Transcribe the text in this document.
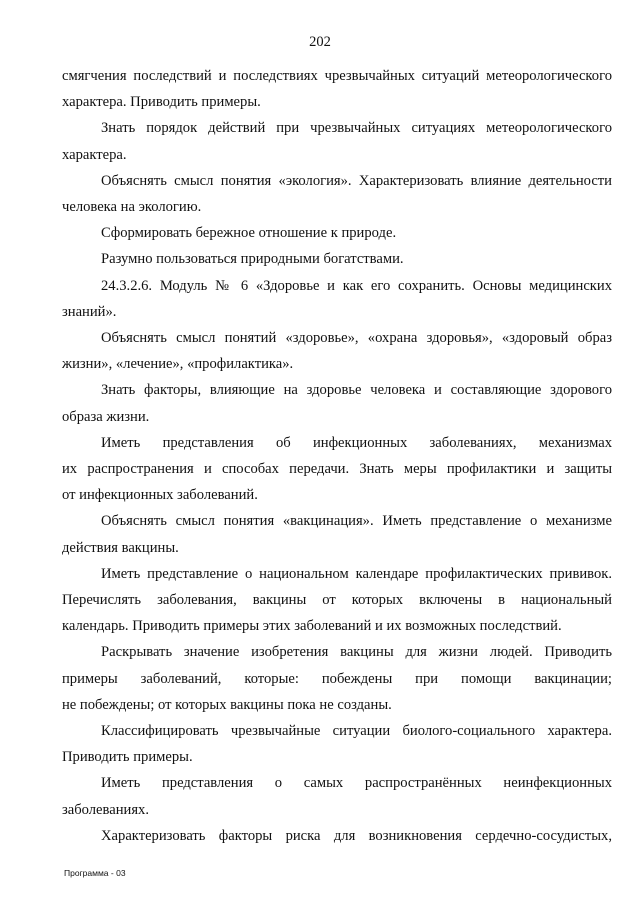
202

смягчения последствий и последствиях чрезвычайных ситуаций метеорологического
характера. Приводить примеры.

Знать порядок действий при чрезвычайных ситуациях метеорологического
характера.

Объяснять смысл понятия «экология». Характеризовать влияние деятельности
человека на экологию.

Сформировать бережное отношение к природе.

Разумно пользоваться природными богатствами.

24.3.2.6. Модуль № 6 «Здоровье и как его сохранить. Основы медицинских
знаний».

Объяснять смысл понятий «здоровье», «охрана здоровья», «здоровый образ
жизни», «лечение», «профилактика».

Знать факторы, влияющие на здоровье человека и составляющие здорового
образа жизни.

Иметь представления об инфекционных заболеваниях, механизмах
их распространения и способах передачи. Знать меры профилактики и защиты
от инфекционных заболеваний.

Объяснять смысл понятия «вакцинация». Иметь представление о механизме
действия вакцины.

Иметь представление о национальном календаре профилактических прививок.
Перечислять заболевания, вакцины от которых включены в национальный
календарь. Приводить примеры этих заболеваний и их возможных последствий.

Раскрывать значение изобретения вакцины для жизни людей. Приводить
примеры заболеваний, которые: побеждены при помощи вакцинации;
не побеждены; от которых вакцины пока не созданы.

Классифицировать чрезвычайные ситуации биолого-социального характера.
Приводить примеры.

Иметь представления о самых распространённых неинфекционных
заболеваниях.

Характеризовать факторы риска для возникновения сердечно-сосудистых,

Программа - 03
